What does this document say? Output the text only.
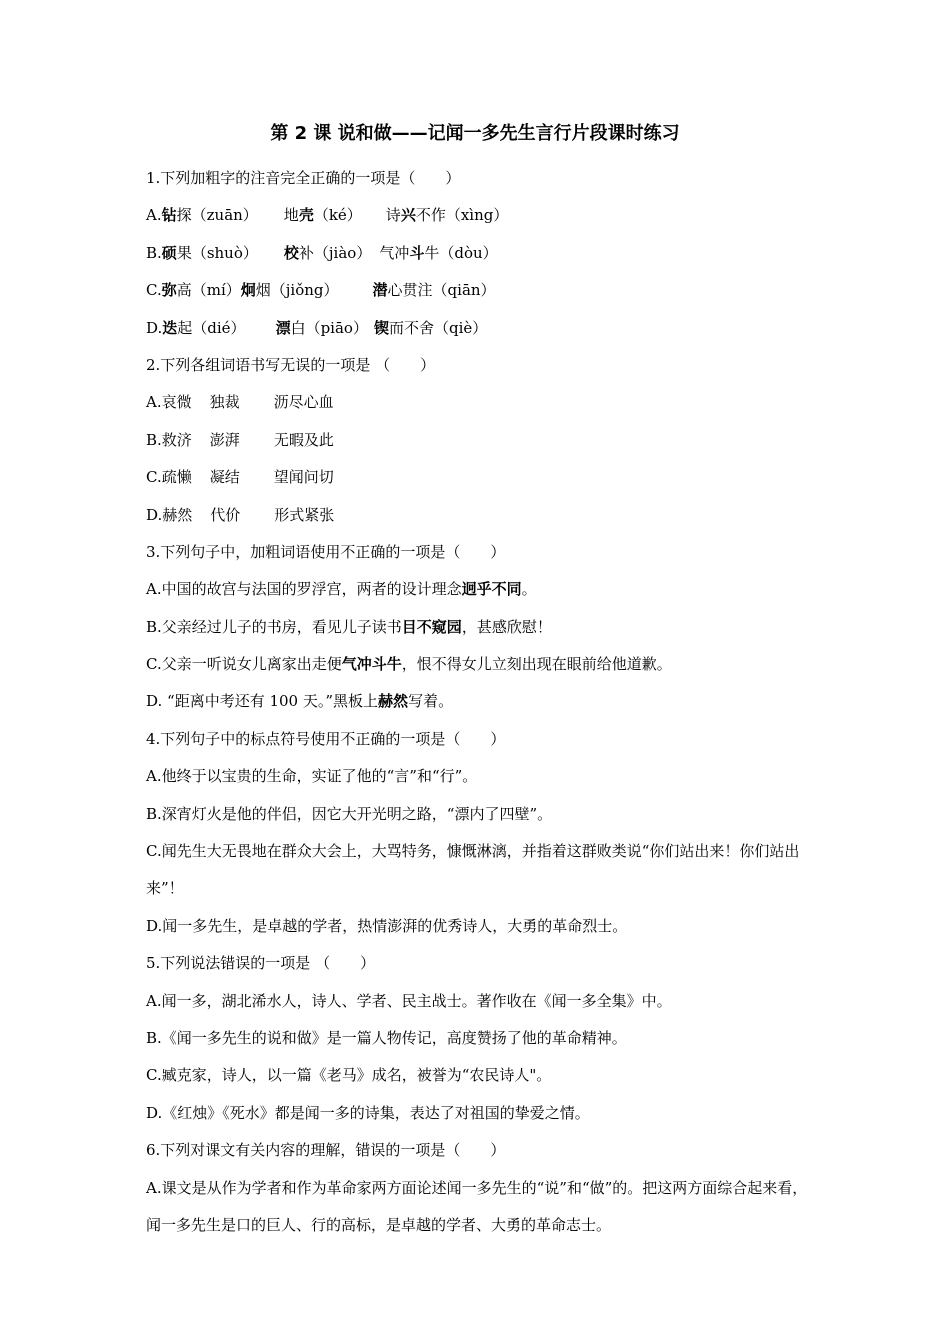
第 2 课 说和做——记闻一多先生言行片段课时练习
1.下列加粗字的注音完全正确的一项是（　　）
A.钻探（zuān） 地壳（ké） 诗兴不作（xìng）
B.硕果（shuò） 校补（jiào） 气冲斗牛（dòu）
C.弥高（mí）炯烟（jiǒng） 潜心贯注（qiān）
D.迭起（dié） 漂白（piāo） 锲而不舍（qiè）
2.下列各组词语书写无误的一项是 （　　）
A.哀微 独裁 沥尽心血
B.救济 澎湃 无暇及此
C.疏懒 凝结 望闻问切
D.赫然 代价 形式紧张
3.下列句子中，加粗词语使用不正确的一项是（　　）
A.中国的故宫与法国的罗浮宫，两者的设计理念迥乎不同。
B.父亲经过儿子的书房，看见儿子读书目不窥园，甚感欣慰！
C.父亲一听说女儿离家出走便气冲斗牛，恨不得女儿立刻出现在眼前给他道歉。
D. “距离中考还有 100 天。”黑板上赫然写着。
4.下列句子中的标点符号使用不正确的一项是（　　）
A.他终于以宝贵的生命，实证了他的“言”和“行”。
B.深宵灯火是他的伴侣，因它大开光明之路，“漂内了四壁”。
C.闻先生大无畏地在群众大会上，大骂特务，慷慨淋漓，并指着这群败类说“你们站出来！你们站出来”！
D.闻一多先生，是卓越的学者，热情澎湃的优秀诗人，大勇的革命烈士。
5.下列说法错误的一项是 （　　）
A.闻一多，湖北浠水人，诗人、学者、民主战士。著作收在《闻一多全集》中。
B.《闻一多先生的说和做》是一篇人物传记，高度赞扬了他的革命精神。
C.臧克家，诗人，以一篇《老马》成名，被誉为“农民诗人"。
D.《红烛》《死水》都是闻一多的诗集，表达了对祖国的挚爱之情。
6.下列对课文有关内容的理解，错误的一项是（　　）
A.课文是从作为学者和作为革命家两方面论述闻一多先生的“说”和“做”的。把这两方面综合起来看，闻一多先生是口的巨人、行的高标，是卓越的学者、大勇的革命志士。
